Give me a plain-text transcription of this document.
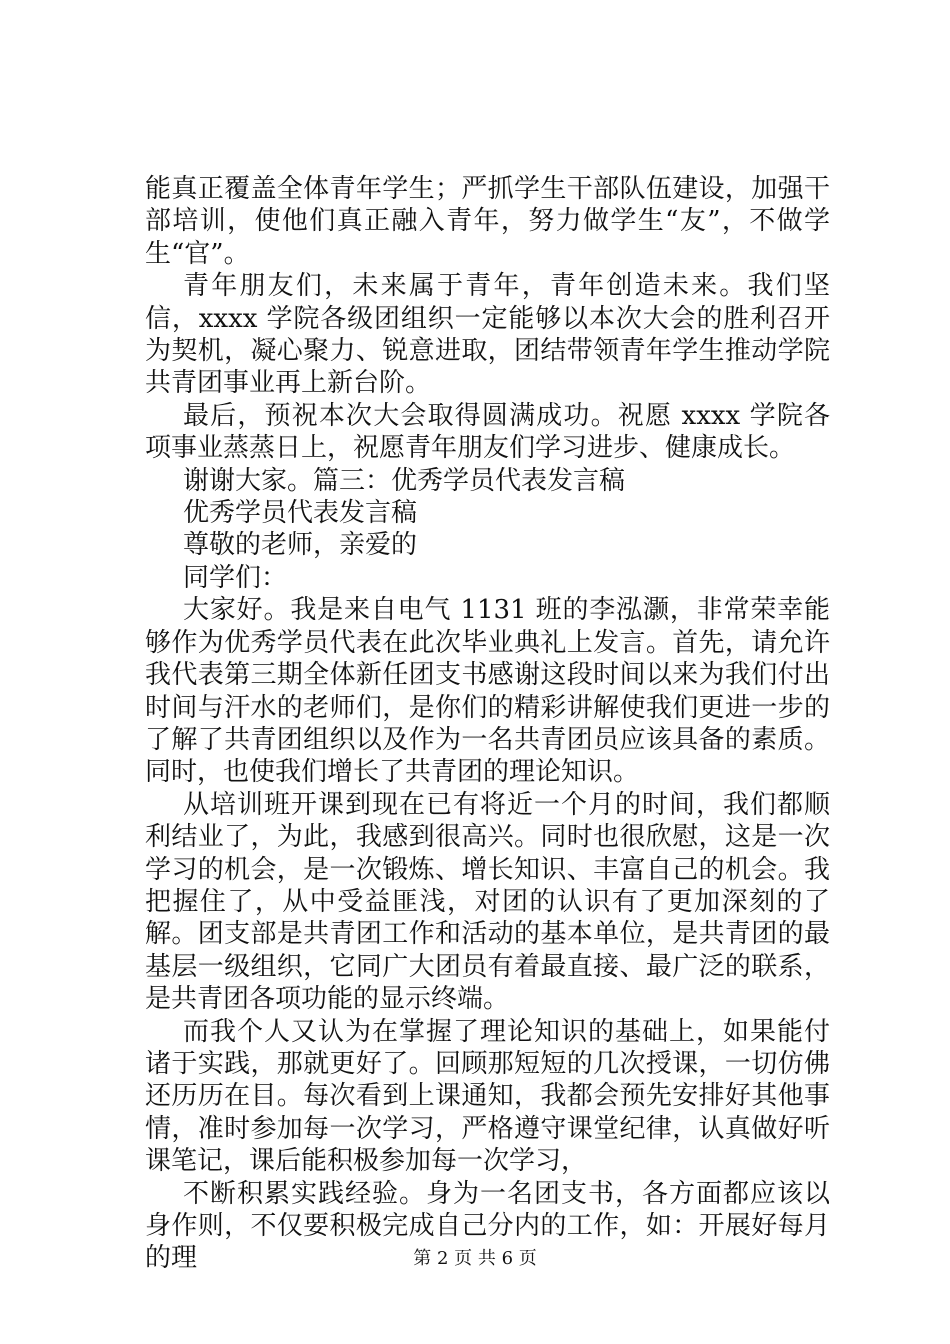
能真正覆盖全体青年学生；严抓学生干部队伍建设，加强干部培训，使他们真正融入青年，努力做学生“友”，不做学生“官”。

青年朋友们，未来属于青年，青年创造未来。我们坚信，xxxx 学院各级团组织一定能够以本次大会的胜利召开为契机，凝心聚力、锐意进取，团结带领青年学生推动学院共青团事业再上新台阶。

最后，预祝本次大会取得圆满成功。祝愿 xxxx 学院各项事业蒸蒸日上，祝愿青年朋友们学习进步、健康成长。

谢谢大家。篇三：优秀学员代表发言稿

优秀学员代表发言稿

尊敬的老师，亲爱的

同学们：

大家好。我是来自电气 1131 班的李泓灏，非常荣幸能够作为优秀学员代表在此次毕业典礼上发言。首先，请允许我代表第三期全体新任团支书感谢这段时间以来为我们付出时间与汗水的老师们，是你们的精彩讲解使我们更进一步的了解了共青团组织以及作为一名共青团员应该具备的素质。同时，也使我们增长了共青团的理论知识。

从培训班开课到现在已有将近一个月的时间，我们都顺利结业了，为此，我感到很高兴。同时也很欣慰，这是一次学习的机会，是一次锻炼、增长知识、丰富自己的机会。我把握住了，从中受益匪浅，对团的认识有了更加深刻的了解。团支部是共青团工作和活动的基本单位，是共青团的最基层一级组织，它同广大团员有着最直接、最广泛的联系，是共青团各项功能的显示终端。

而我个人又认为在掌握了理论知识的基础上，如果能付诸于实践，那就更好了。回顾那短短的几次授课，一切仿佛还历历在目。每次看到上课通知，我都会预先安排好其他事情，准时参加每一次学习，严格遵守课堂纪律，认真做好听课笔记，课后能积极参加每一次学习，

不断积累实践经验。身为一名团支书，各方面都应该以身作则，不仅要积极完成自己分内的工作，如：开展好每月的理	第 2 页 共 6 页
